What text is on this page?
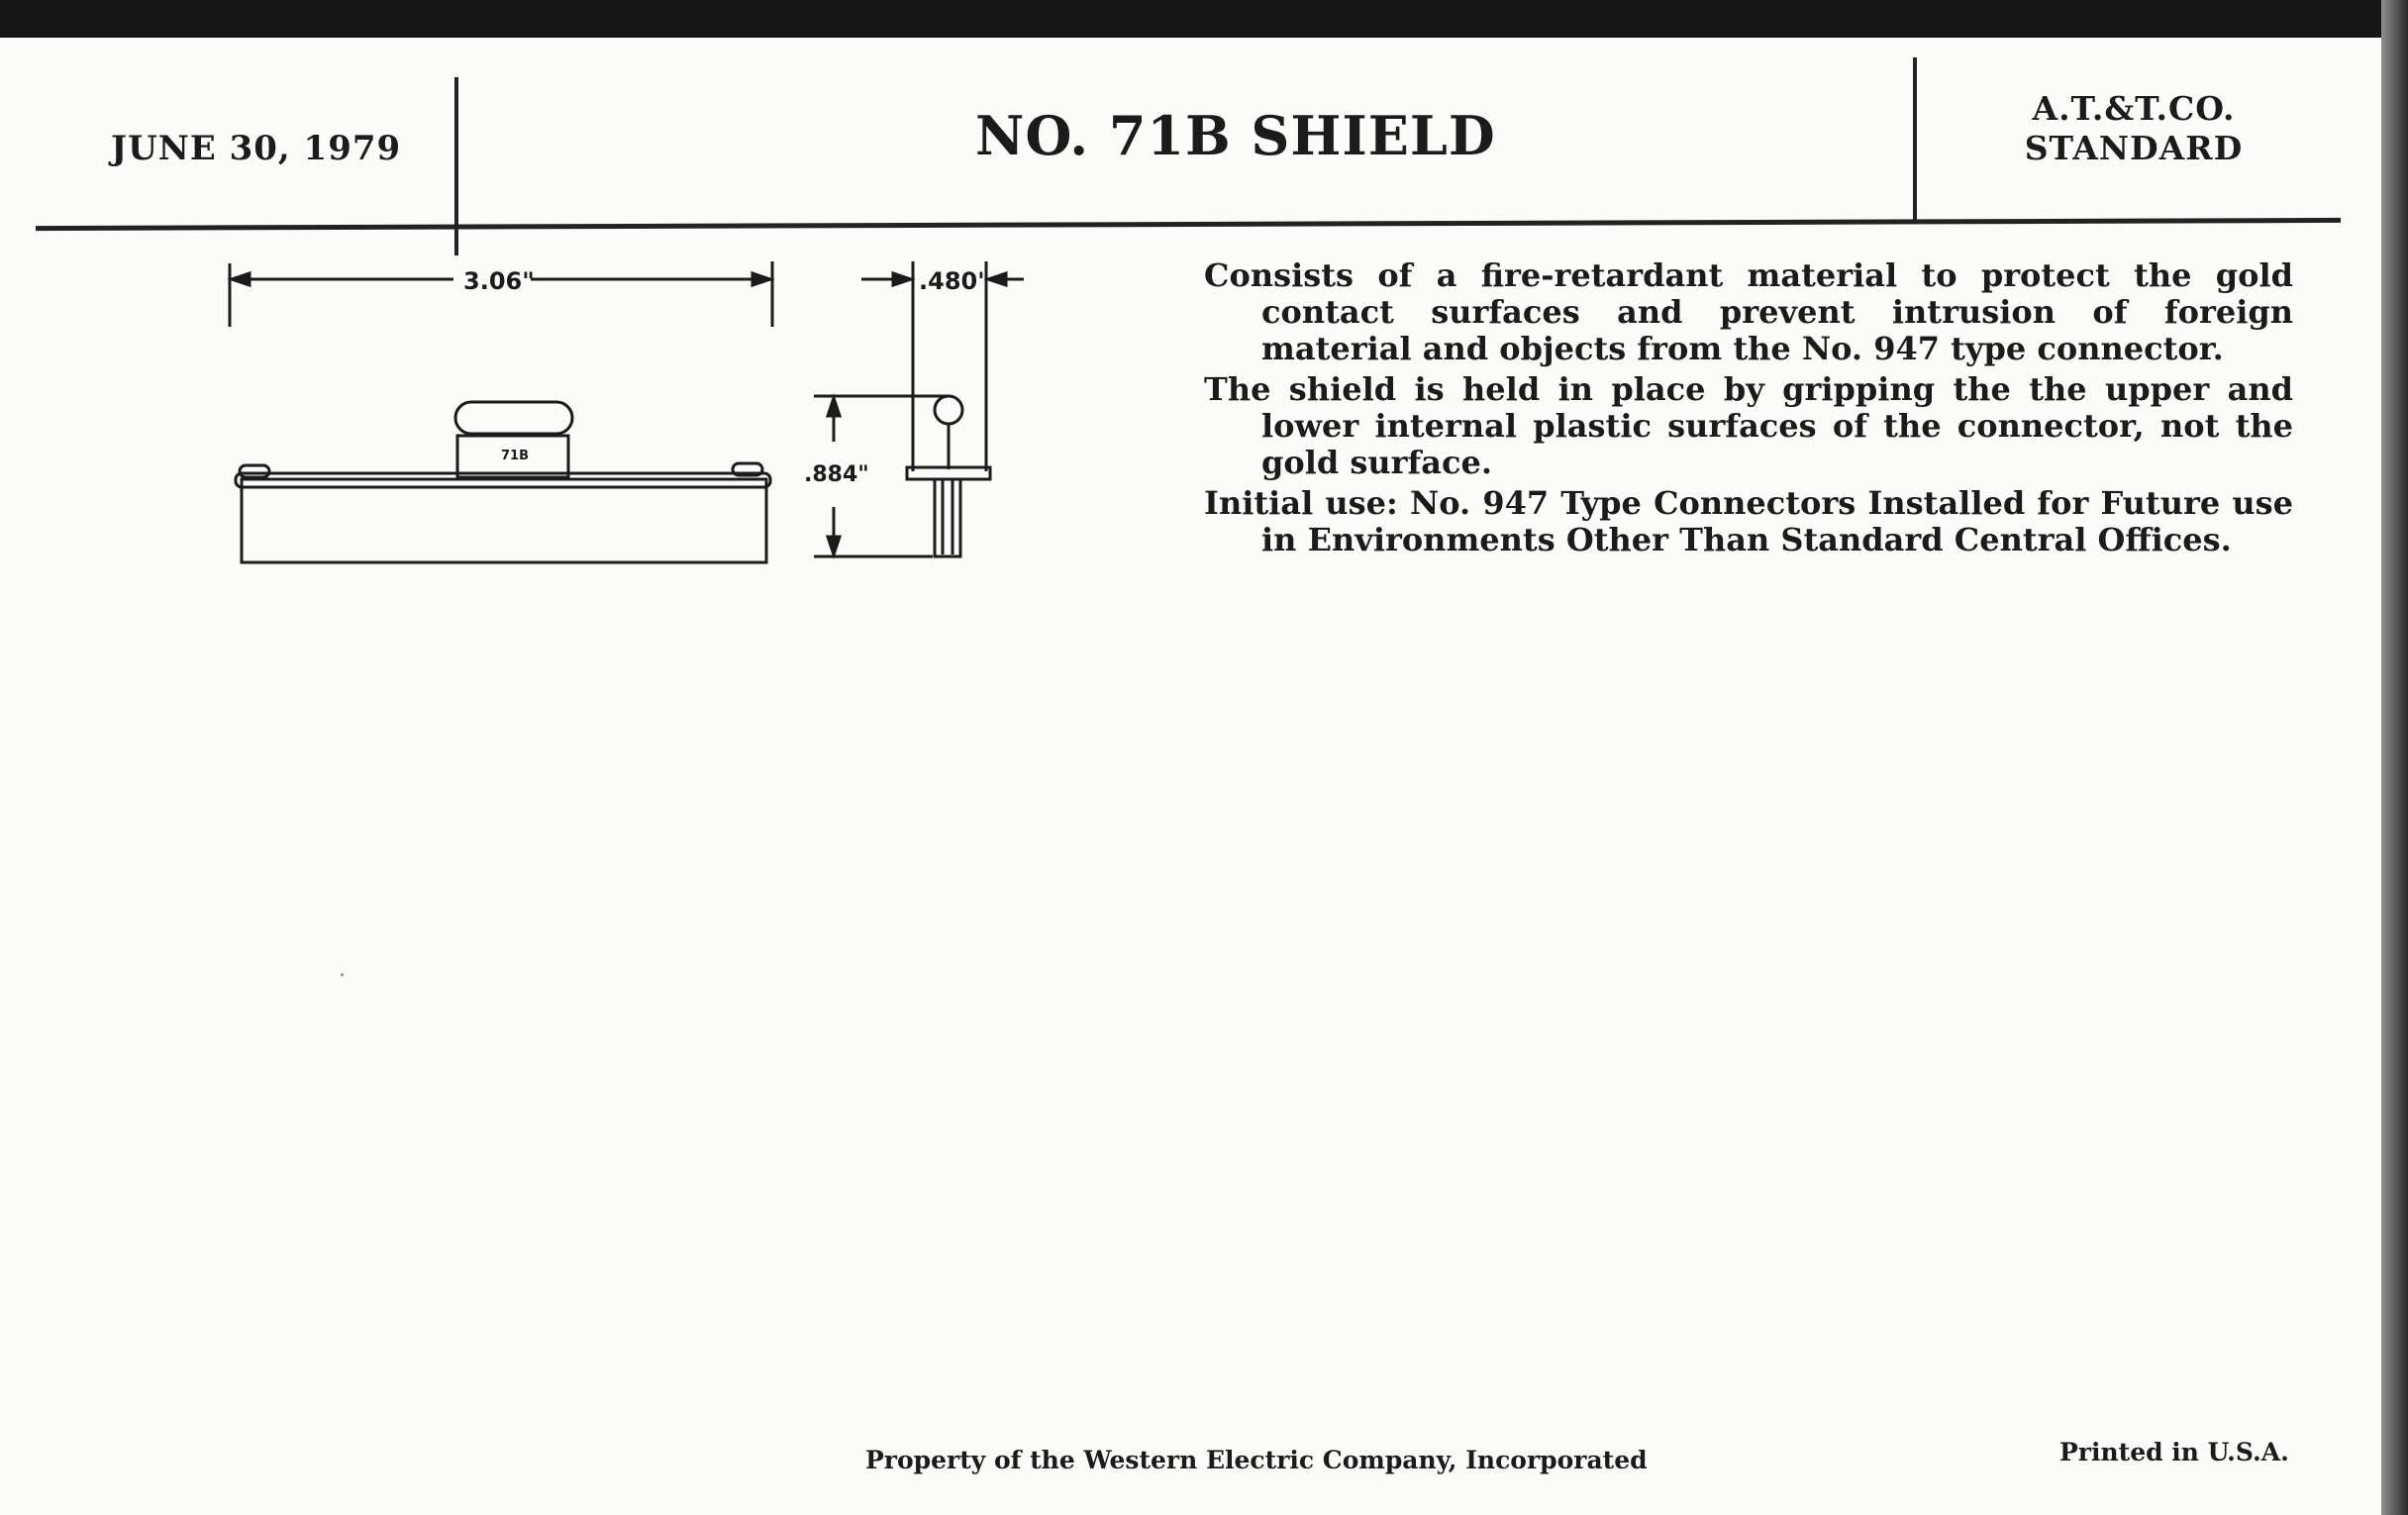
JUNE 30, 1979	NO. 71B SHIELD	A.T.&T.CO.
STANDARD
3.06"	.480"
.884"
71B

Consists of a fire-retardant material to protect the gold contact surfaces and prevent intrusion of foreign material and objects from the No. 947 type connector.

The shield is held in place by gripping the the upper and lower internal plastic surfaces of the connector, not the gold surface.

Initial use: No. 947 Type Connectors Installed for Future use in Environments Other Than Standard Central Offices.

Property of the Western Electric Company, Incorporated	Printed in U.S.A.
